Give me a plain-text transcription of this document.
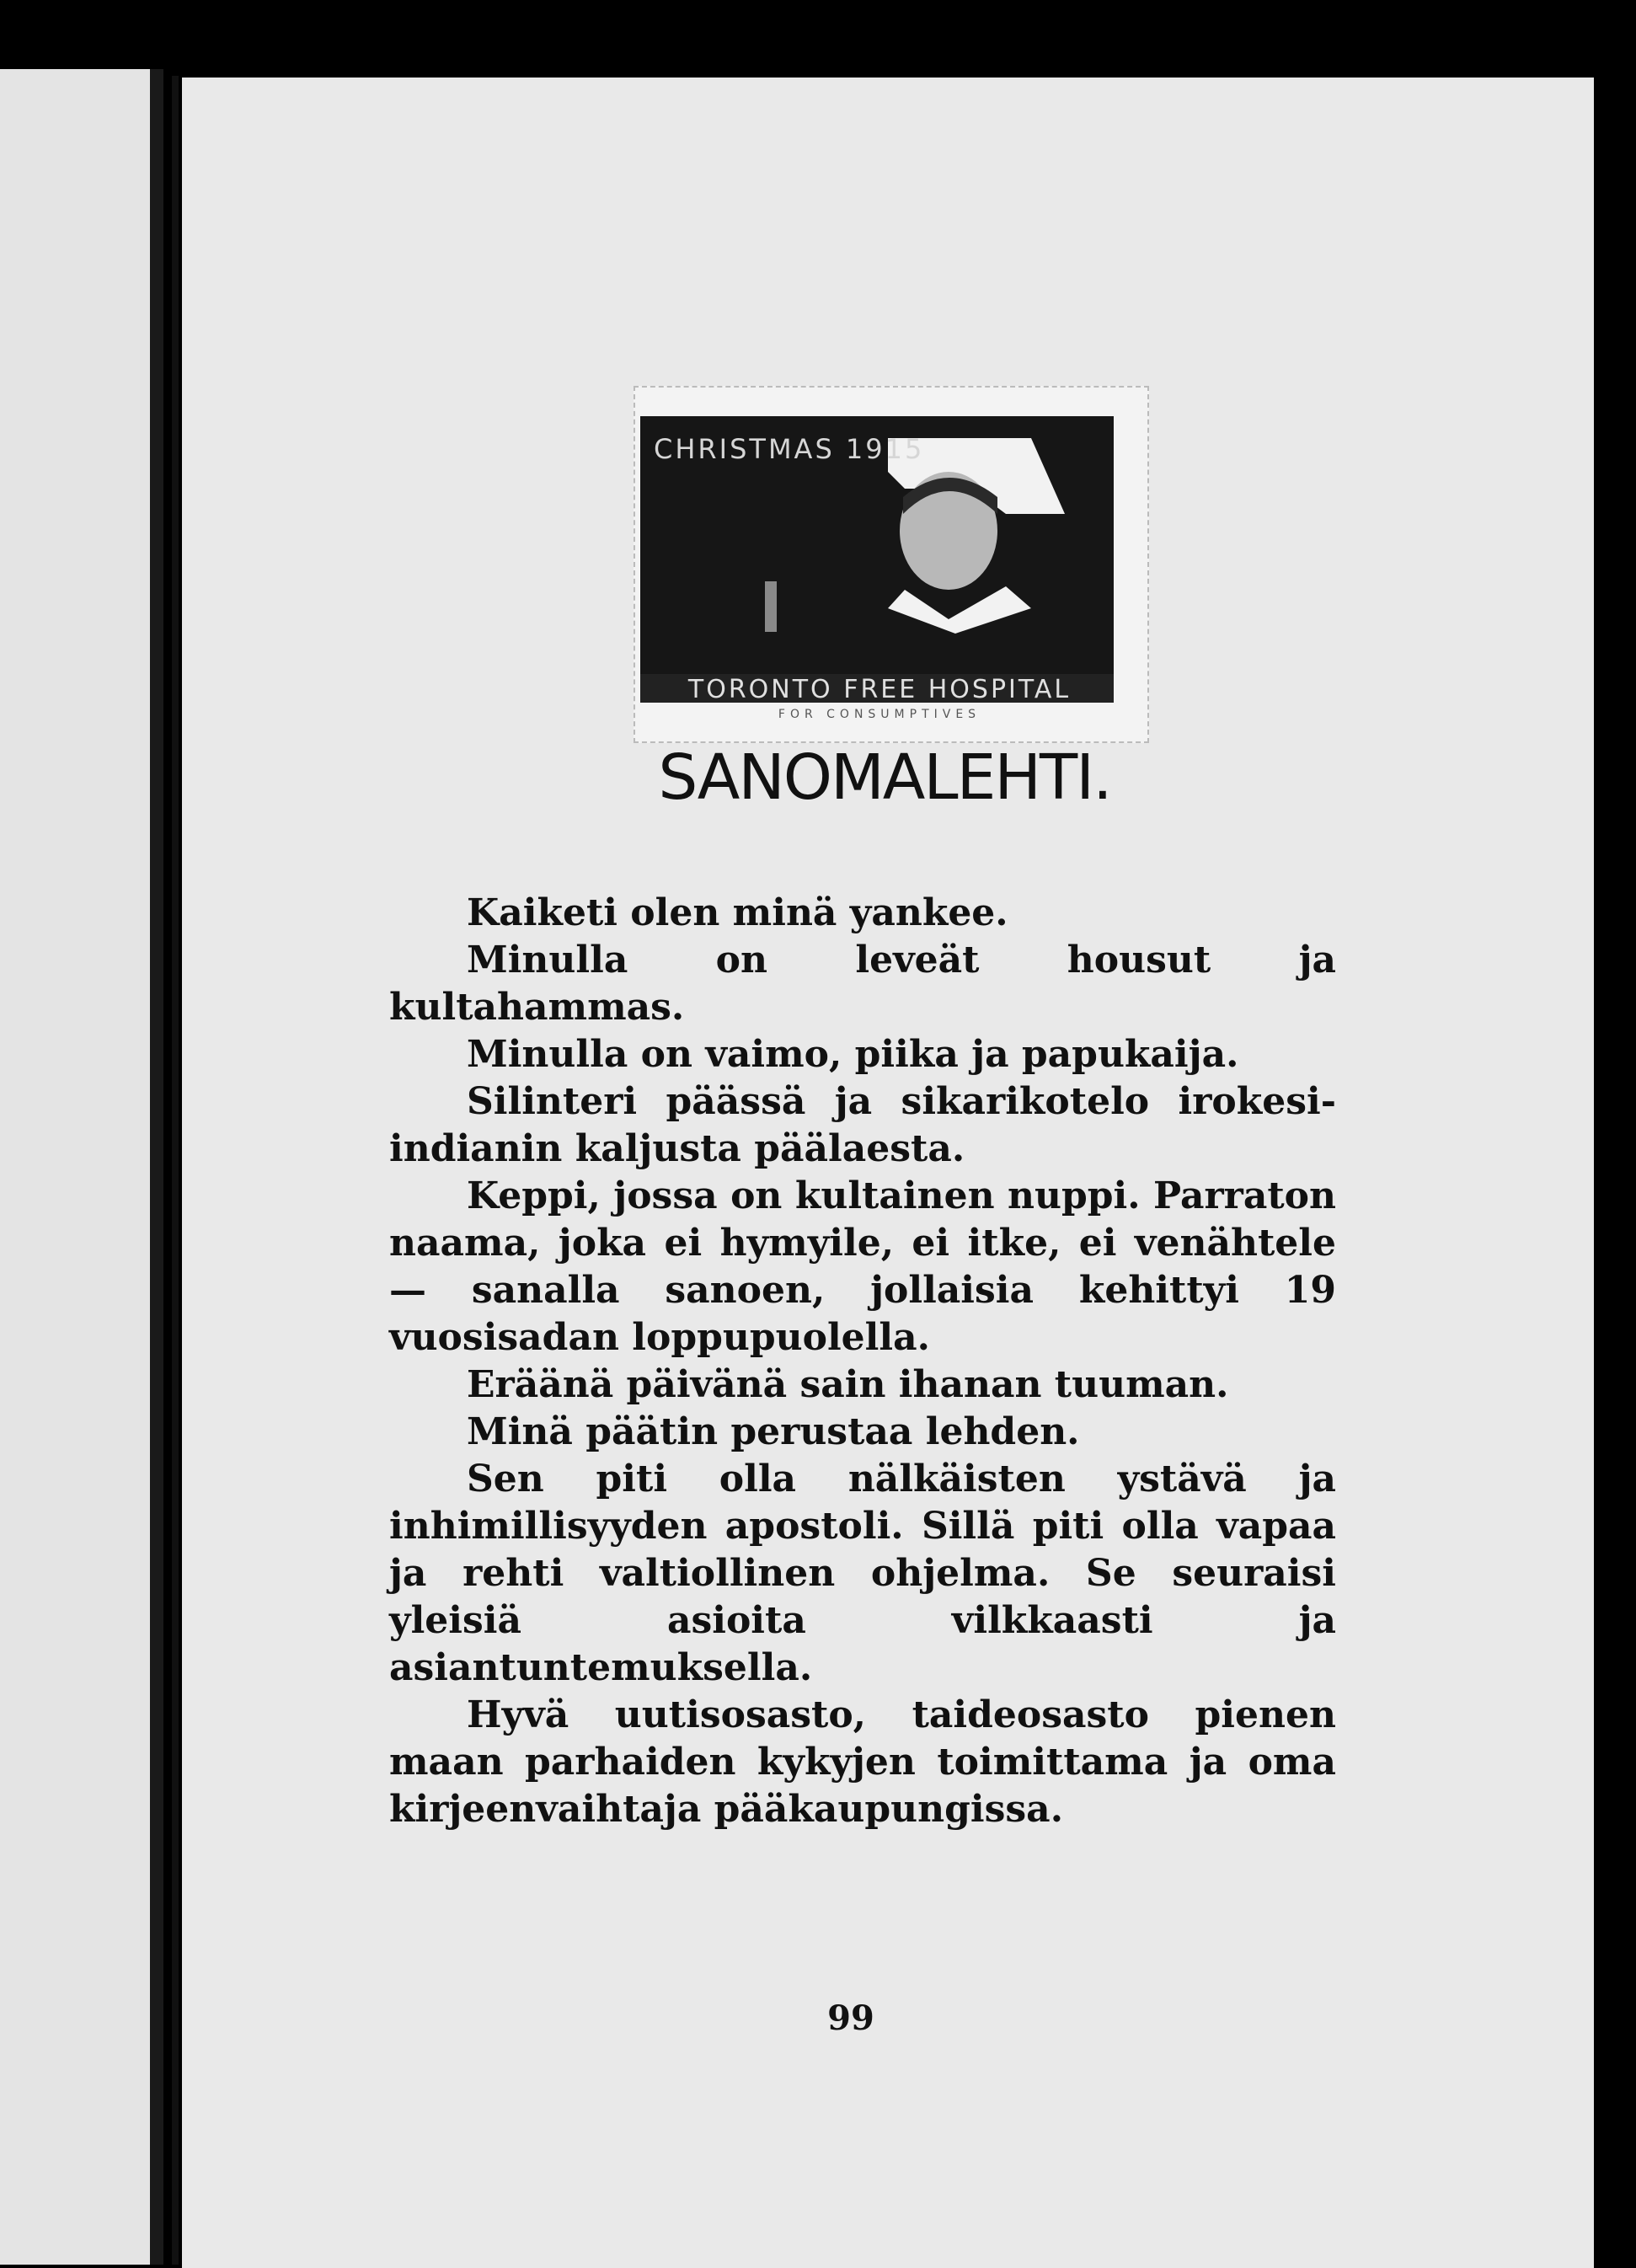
CHRISTMAS 1915
TORONTO FREE HOSPITAL
FOR CONSUMPTIVES
SANOMALEHTI.

Kaiketi olen minä yankee.

Minulla on leveät housut ja kultahammas.

Minulla on vaimo, piika ja papukaija.

Silinteri päässä ja sikarikotelo irokesi-indianin kaljusta päälaesta.

Keppi, jossa on kultainen nuppi. Parraton naama, joka ei hymyile, ei itke, ei venähtele — sanalla sanoen, jollaisia kehittyi 19 vuosisadan loppupuolella.

Eräänä päivänä sain ihanan tuuman.

Minä päätin perustaa lehden.

Sen piti olla nälkäisten ystävä ja inhimillisyyden apostoli. Sillä piti olla vapaa ja rehti valtiollinen ohjelma. Se seuraisi yleisiä asioita vilkkaasti ja asiantuntemuksella.

Hyvä uutisosasto, taideosasto pienen maan parhaiden kykyjen toimittama ja oma kirjeenvaihtaja pääkaupungissa.

99
